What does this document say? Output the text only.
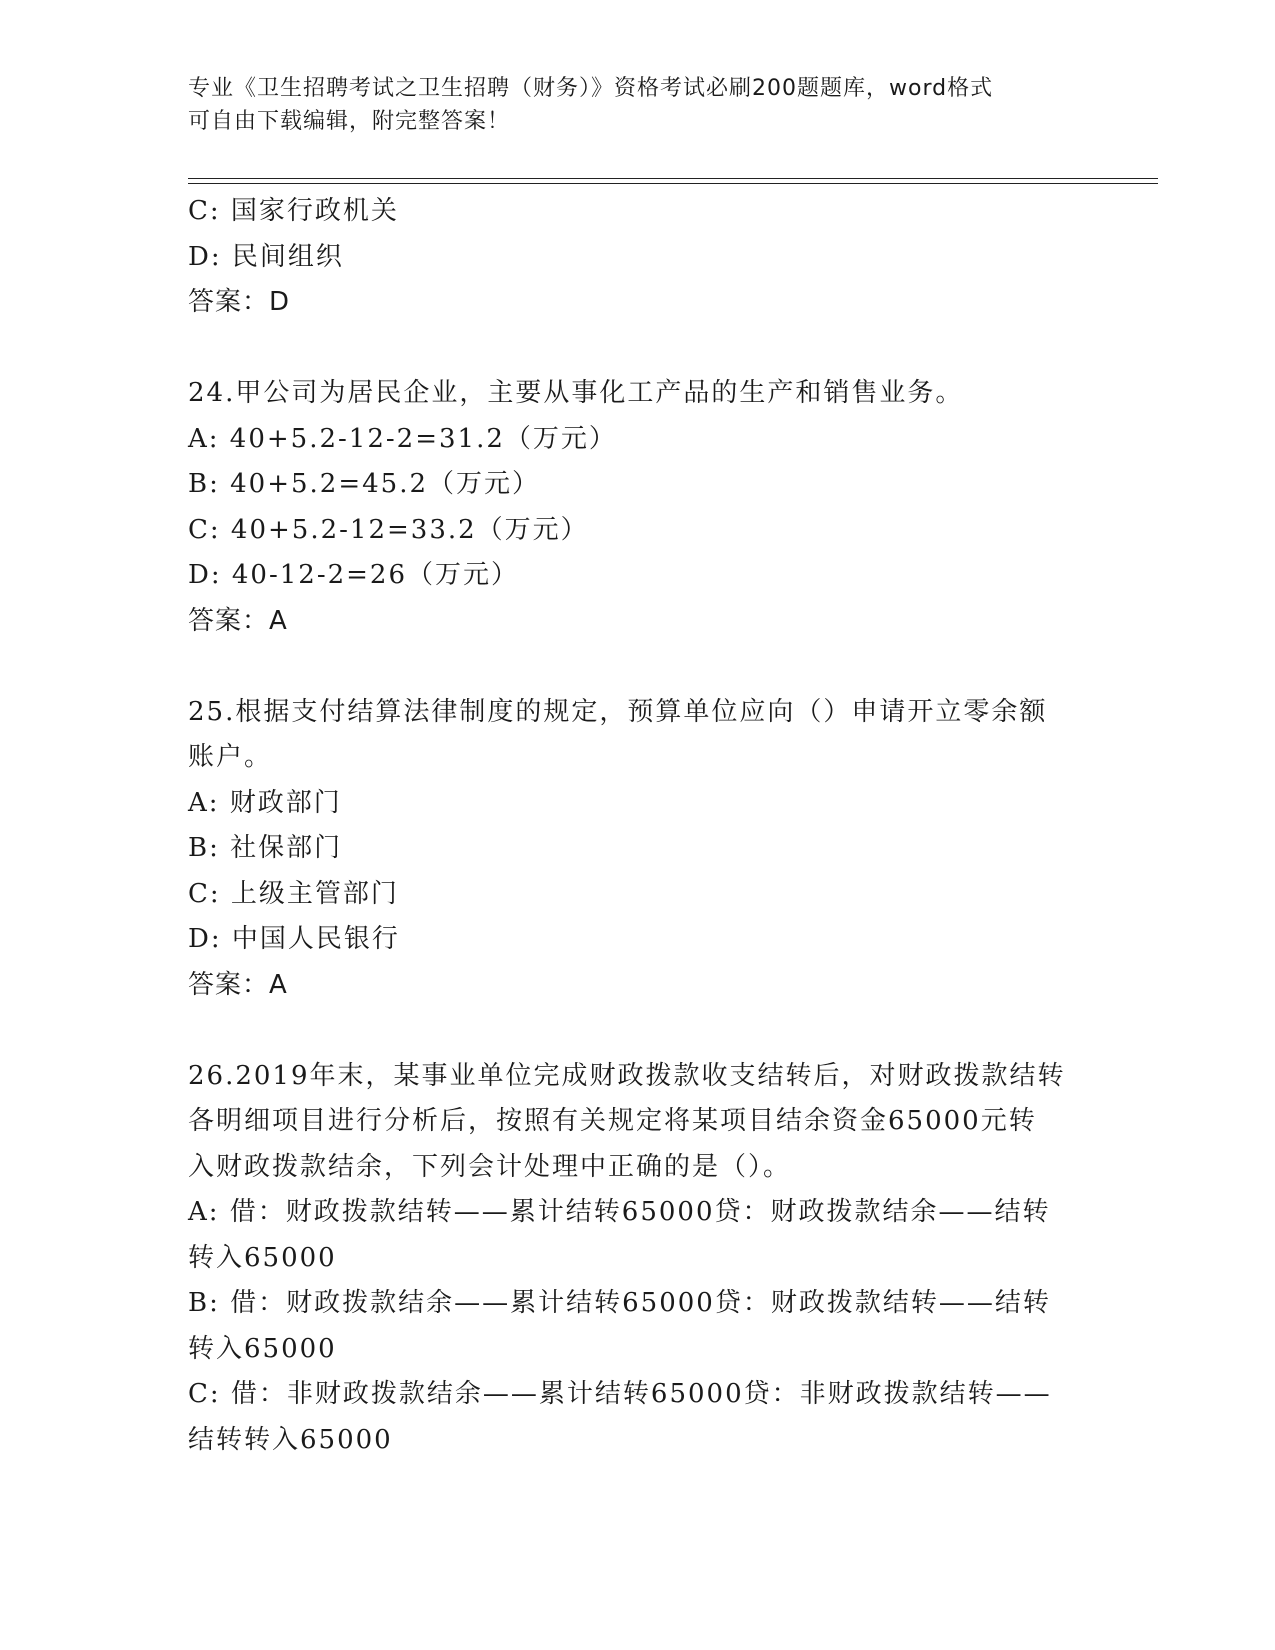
专业《卫生招聘考试之卫生招聘（财务）》资格考试必刷200题题库，word格式
可自由下载编辑，附完整答案！
C: 国家行政机关
D: 民间组织
答案：D
24.甲公司为居民企业，主要从事化工产品的生产和销售业务。
A: 40+5.2-12-2=31.2（万元）
B: 40+5.2=45.2（万元）
C: 40+5.2-12=33.2（万元）
D: 40-12-2=26（万元）
答案：A
25.根据支付结算法律制度的规定，预算单位应向（）申请开立零余额
账户。
A: 财政部门
B: 社保部门
C: 上级主管部门
D: 中国人民银行
答案：A
26.2019年末，某事业单位完成财政拨款收支结转后，对财政拨款结转
各明细项目进行分析后，按照有关规定将某项目结余资金65000元转
入财政拨款结余，下列会计处理中正确的是（）。
A: 借：财政拨款结转——累计结转65000贷：财政拨款结余——结转
转入65000
B: 借：财政拨款结余——累计结转65000贷：财政拨款结转——结转
转入65000
C: 借：非财政拨款结余——累计结转65000贷：非财政拨款结转——
结转转入65000
